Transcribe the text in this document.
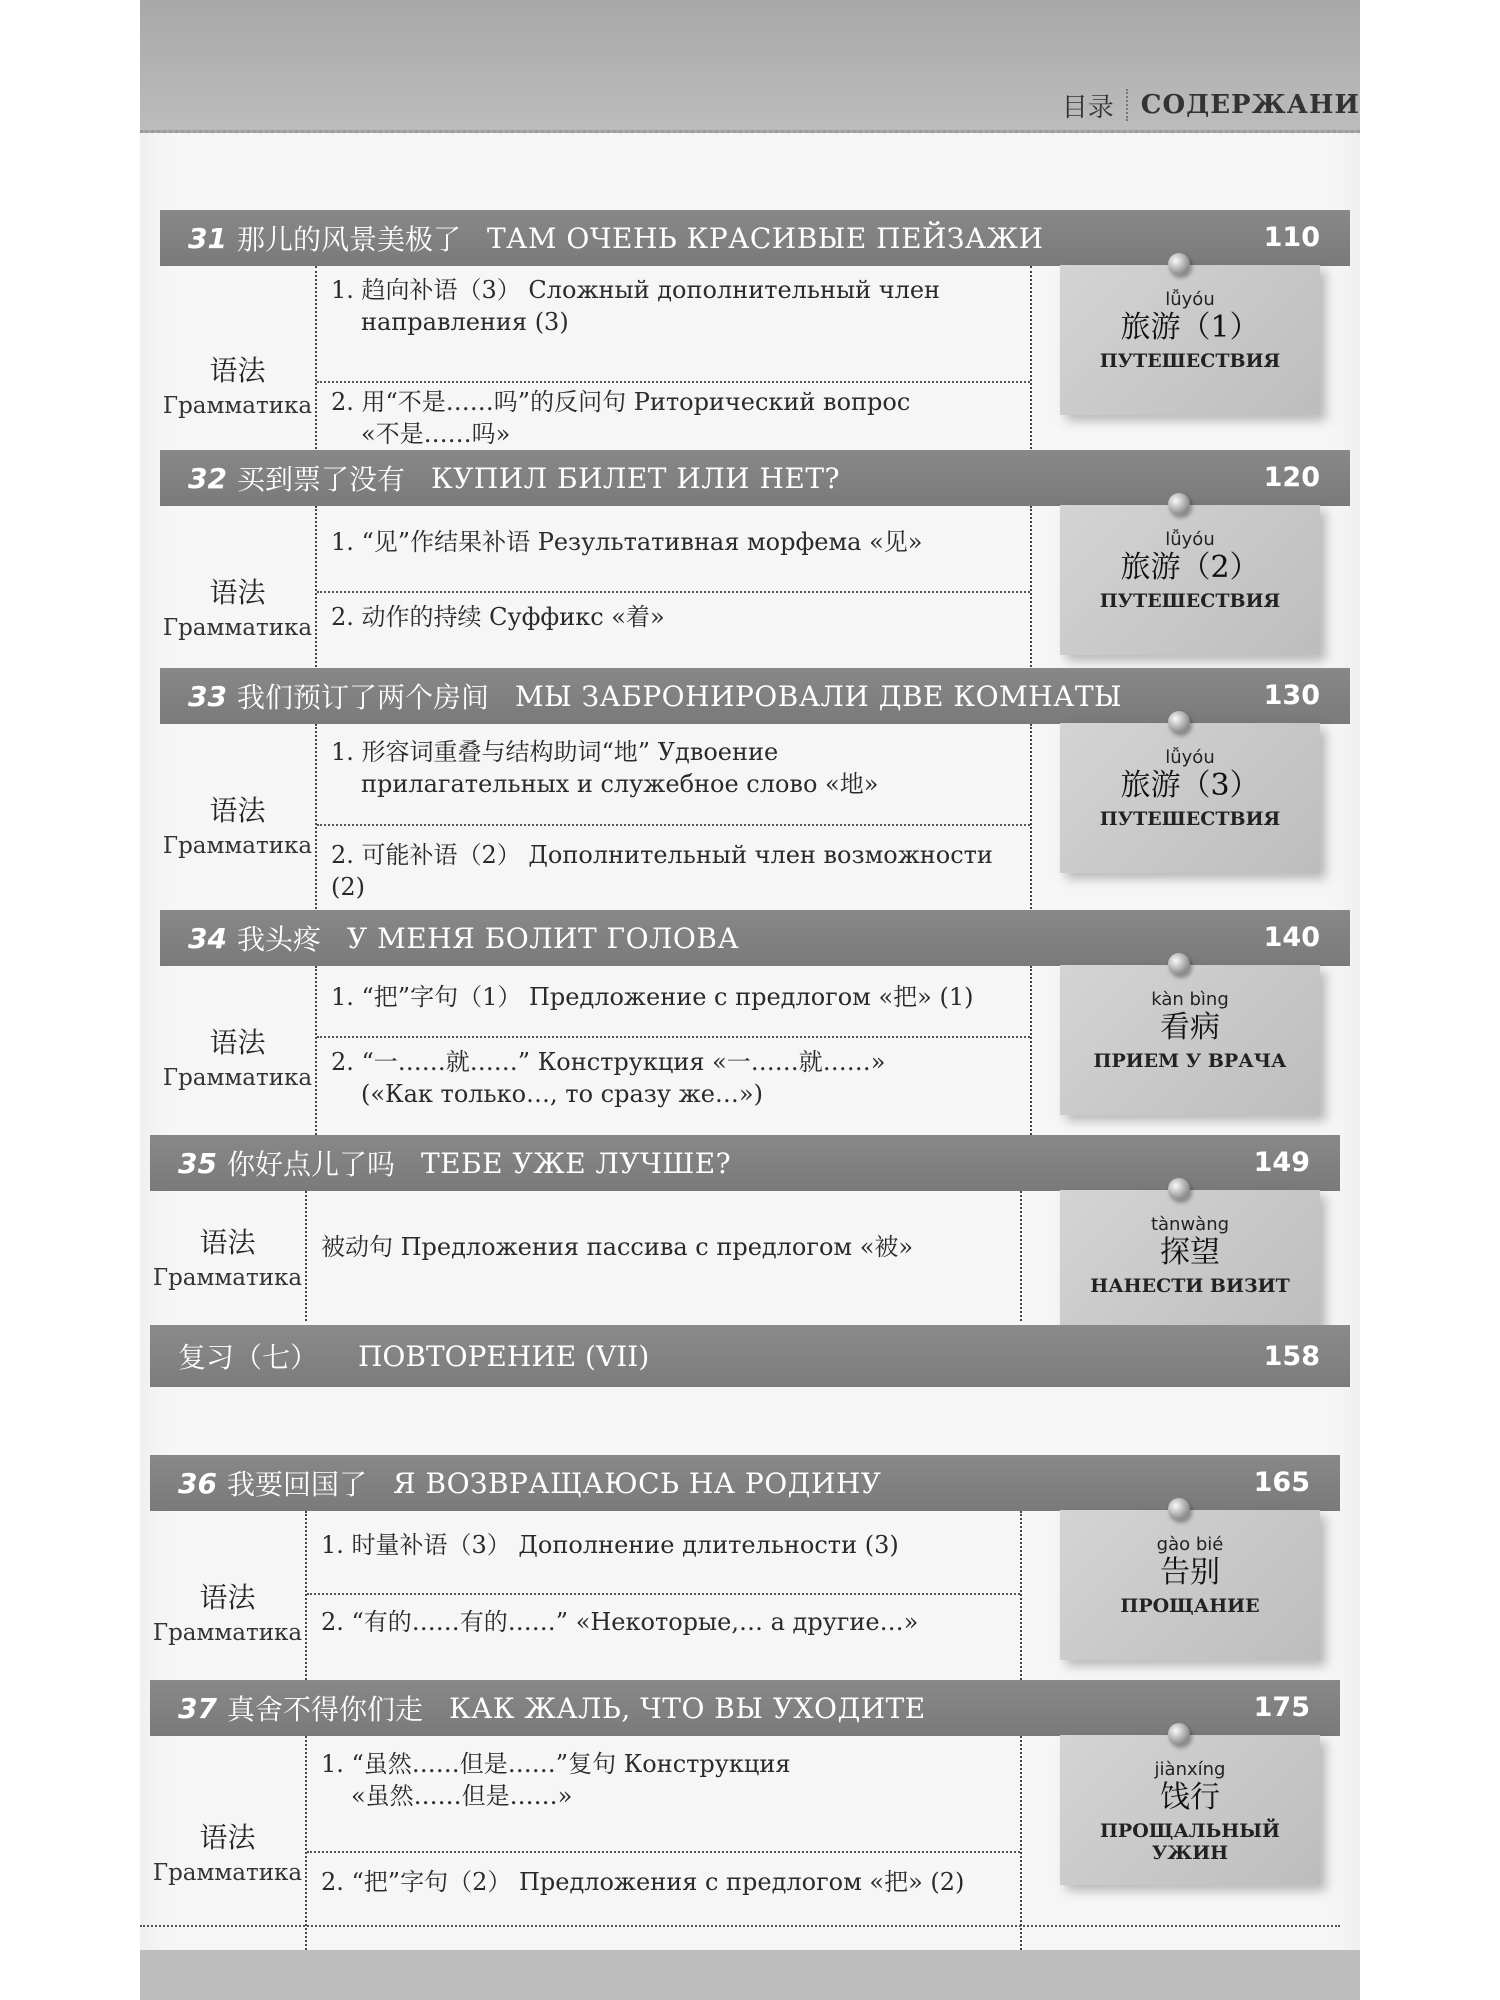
目录 СОДЕРЖАНИ
31 那儿的风景美极了 ТАМ ОЧЕНЬ КРАСИВЫЕ ПЕЙЗАЖИ	110
语法
Грамматика
1. 趋向补语（3） Сложный дополнительный член
направления (3)
2. 用“不是……吗”的反问句 Риторический вопрос
«不是……吗»
lǚyóu
旅游（1）
ПУТЕШЕСТВИЯ
32 买到票了没有 КУПИЛ БИЛЕТ ИЛИ НЕТ?	120
语法
Грамматика
1. “见”作结果补语 Результативная морфема «见»
2. 动作的持续 Суффикс «着»
lǚyóu
旅游（2）
ПУТЕШЕСТВИЯ
33 我们预订了两个房间 МЫ ЗАБРОНИРОВАЛИ ДВЕ КОМНАТЫ	130
语法
Грамматика
1. 形容词重叠与结构助词“地” Удвоение
прилагательных и служебное слово «地»
2. 可能补语（2） Дополнительный член возможности (2)
lǚyóu
旅游（3）
ПУТЕШЕСТВИЯ
34 我头疼 У МЕНЯ БОЛИТ ГОЛОВА	140
语法
Грамматика
1. “把”字句（1） Предложение с предлогом «把» (1)
2. “一……就……” Конструкция «一……就……»
(«Как только…, то сразу же…»)
kàn bìng
看病
ПРИЕМ У ВРАЧА
35 你好点儿了吗 ТЕБЕ УЖЕ ЛУЧШЕ?	149
语法
Грамматика
被动句 Предложения пассива с предлогом «被»
tànwàng
探望
НАНЕСТИ ВИЗИТ
36 我要回国了 Я ВОЗВРАЩАЮСЬ НА РОДИНУ	165
语法
Грамматика
1. 时量补语（3） Дополнение длительности (3)
2. “有的……有的……” «Некоторые,… а другие…»
gào bié
告别
ПРОЩАНИЕ
37 真舍不得你们走 КАК ЖАЛЬ, ЧТО ВЫ УХОДИТЕ	175
语法
Грамматика
1. “虽然……但是……”复句 Конструкция
«虽然……但是……»
2. “把”字句（2） Предложения с предлогом «把» (2)
jiànxíng
饯行
ПРОЩАЛЬНЫЙ УЖИН
复习（七） ПОВТОРЕНИЕ (VII)	158
